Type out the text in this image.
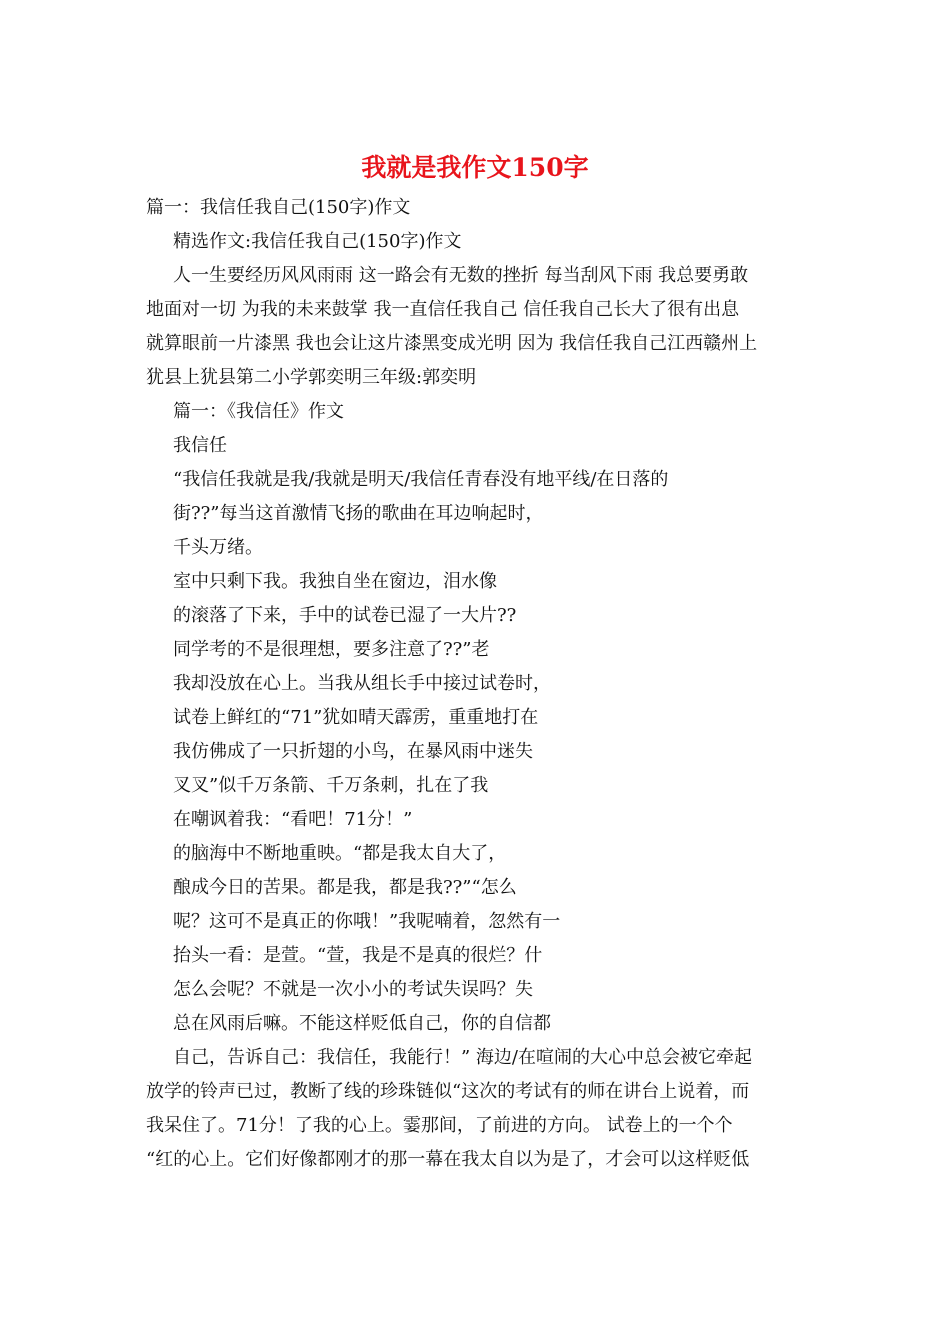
我就是我作文150字

篇一：我信任我自己(150字)作文

精选作文:我信任我自己(150字)作文

人一生要经历风风雨雨 这一路会有无数的挫折 每当刮风下雨 我总要勇敢

地面对一切 为我的未来鼓掌 我一直信任我自己 信任我自己长大了很有出息

就算眼前一片漆黑 我也会让这片漆黑变成光明 因为 我信任我自己江西赣州上

犹县上犹县第二小学郭奕明三年级:郭奕明

篇一：《我信任》作文

我信任

“我信任我就是我/我就是明天/我信任青春没有地平线/在日落的

街??”每当这首激情飞扬的歌曲在耳边响起时，

千头万绪。

室中只剩下我。我独自坐在窗边，泪水像

的滚落了下来，手中的试卷已湿了一大片??

同学考的不是很理想，要多注意了??”老

我却没放在心上。当我从组长手中接过试卷时，

试卷上鲜红的“71”犹如晴天霹雳，重重地打在

我仿佛成了一只折翅的小鸟，在暴风雨中迷失

叉叉”似千万条箭、千万条刺，扎在了我

在嘲讽着我：“看吧！71分！”

的脑海中不断地重映。“都是我太自大了，

酿成今日的苦果。都是我，都是我??”“怎么

呢？这可不是真正的你哦！”我呢喃着，忽然有一

抬头一看：是萱。“萱，我是不是真的很烂？什

怎么会呢？不就是一次小小的考试失误吗？失

总在风雨后嘛。不能这样贬低自己，你的自信都

自己，告诉自己：我信任，我能行！” 海边/在喧闹的大心中总会被它牵起

放学的铃声已过，教断了线的珍珠链似“这次的考试有的师在讲台上说着，而

我呆住了。71分！了我的心上。霎那间，了前进的方向。 试卷上的一个个

“红的心上。它们好像都刚才的那一幕在我太自以为是了，才会可以这样贬低
